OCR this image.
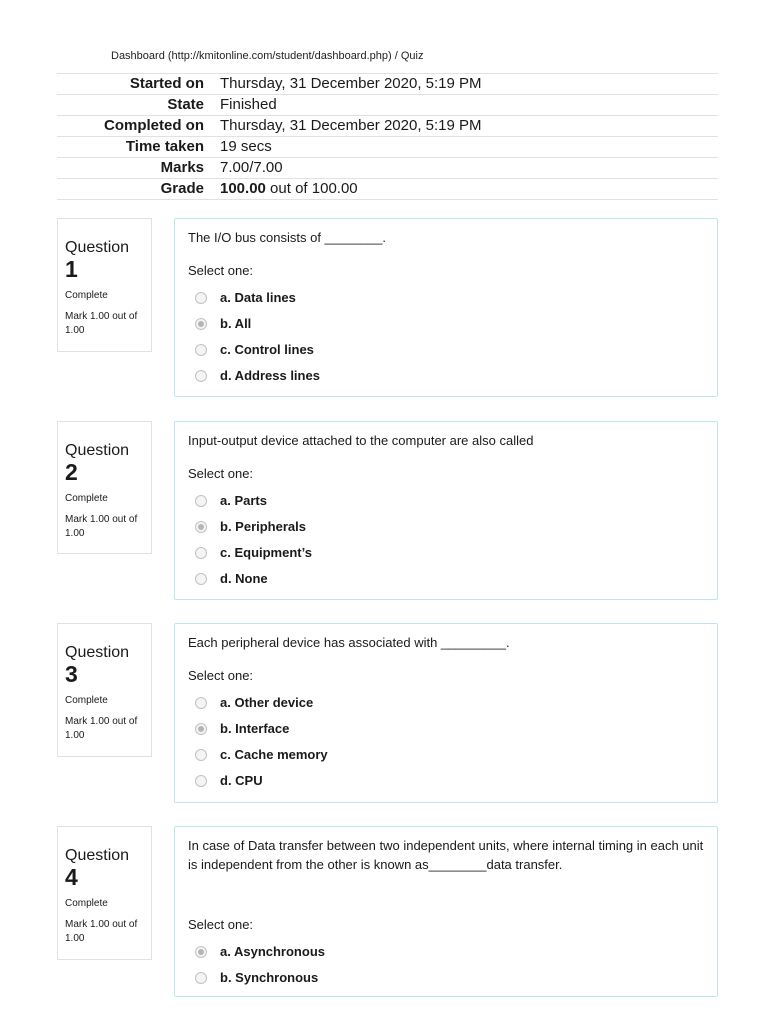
Dashboard (http://kmitonline.com/student/dashboard.php) / Quiz
Started on	Thursday, 31 December 2020, 5:19 PM
State	Finished
Completed on	Thursday, 31 December 2020, 5:19 PM
Time taken	19 secs
Marks	7.00/7.00
Grade	100.00 out of 100.00
Question
1
Complete
Mark 1.00 out of 1.00
The I/O bus consists of ________.
Select one:
a. Data lines
b. All
c. Control lines
d. Address lines
Question
2
Complete
Mark 1.00 out of 1.00
Input-output device attached to the computer are also called
Select one:
a. Parts
b. Peripherals
c. Equipment’s
d. None
Question
3
Complete
Mark 1.00 out of 1.00
Each peripheral device has associated with _________.
Select one:
a. Other device
b. Interface
c. Cache memory
d. CPU
Question
4
Complete
Mark 1.00 out of 1.00
In case of Data transfer between two independent units, where internal timing in each unit is independent from the other is known as________data transfer.
Select one:
a. Asynchronous
b. Synchronous
